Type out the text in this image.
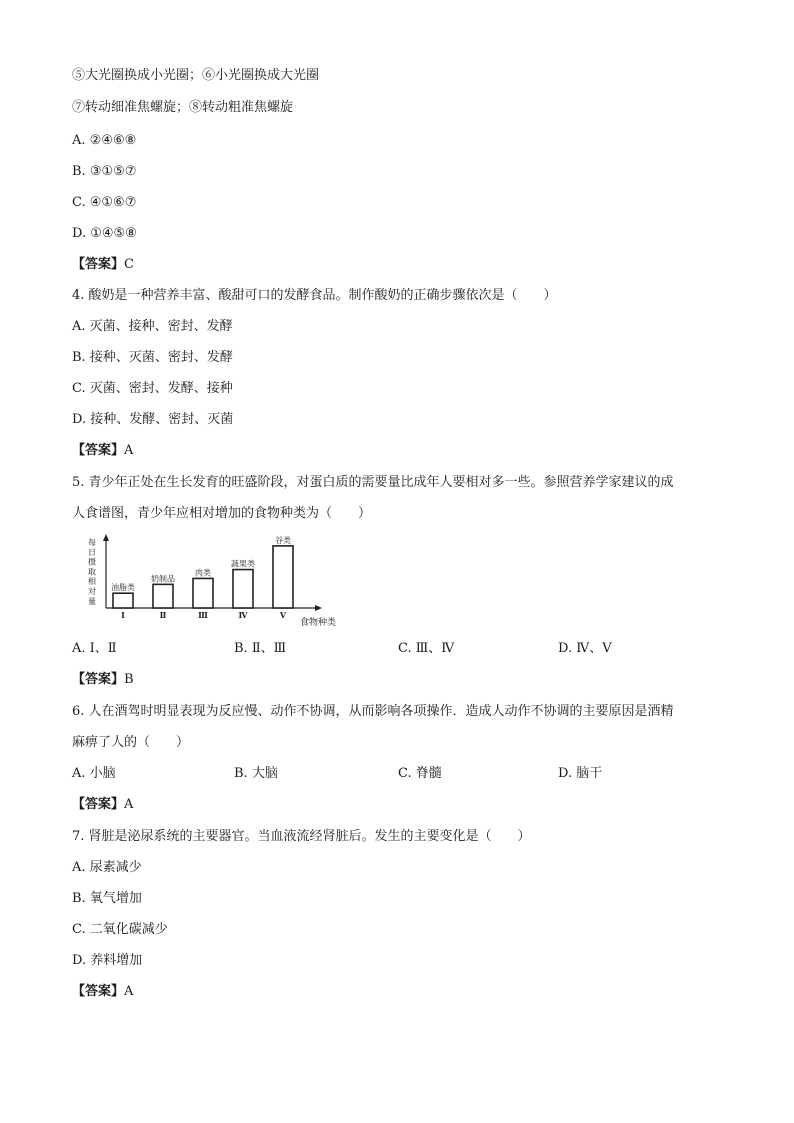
⑤大光圈换成小光圈；⑥小光圈换成大光圈
⑦转动细准焦螺旋；⑧转动粗准焦螺旋
A. ②④⑥⑧
B. ③①⑤⑦
C. ④①⑥⑦
D. ①④⑤⑧
【答案】C
4. 酸奶是一种营养丰富、酸甜可口的发酵食品。制作酸奶的正确步骤依次是（　　）
A. 灭菌、接种、密封、发酵
B. 接种、灭菌、密封、发酵
C. 灭菌、密封、发酵、接种
D. 接种、发酵、密封、灭菌
【答案】A
5. 青少年正处在生长发育的旺盛阶段，对蛋白质的需要量比成年人要相对多一些。参照营养学家建议的成
人食谱图，青少年应相对增加的食物种类为（　　）
每
日
摄
取
相
对
量
食物种类
油脂类
Ⅰ
奶制品
Ⅱ
肉类
Ⅲ
蔬果类
Ⅳ
谷类
Ⅴ
A. Ⅰ、Ⅱ	B. Ⅱ、Ⅲ	C. Ⅲ、Ⅳ	D. Ⅳ、Ⅴ
【答案】B
6. 人在酒驾时明显表现为反应慢、动作不协调，从而影响各项操作．造成人动作不协调的主要原因是酒精
麻痹了人的（　　）
A. 小脑	B. 大脑	C. 脊髓	D. 脑干
【答案】A
7. 肾脏是泌尿系统的主要器官。当血液流经肾脏后。发生的主要变化是（　　）
A. 尿素减少
B. 氧气增加
C. 二氧化碳减少
D. 养料增加
【答案】A
